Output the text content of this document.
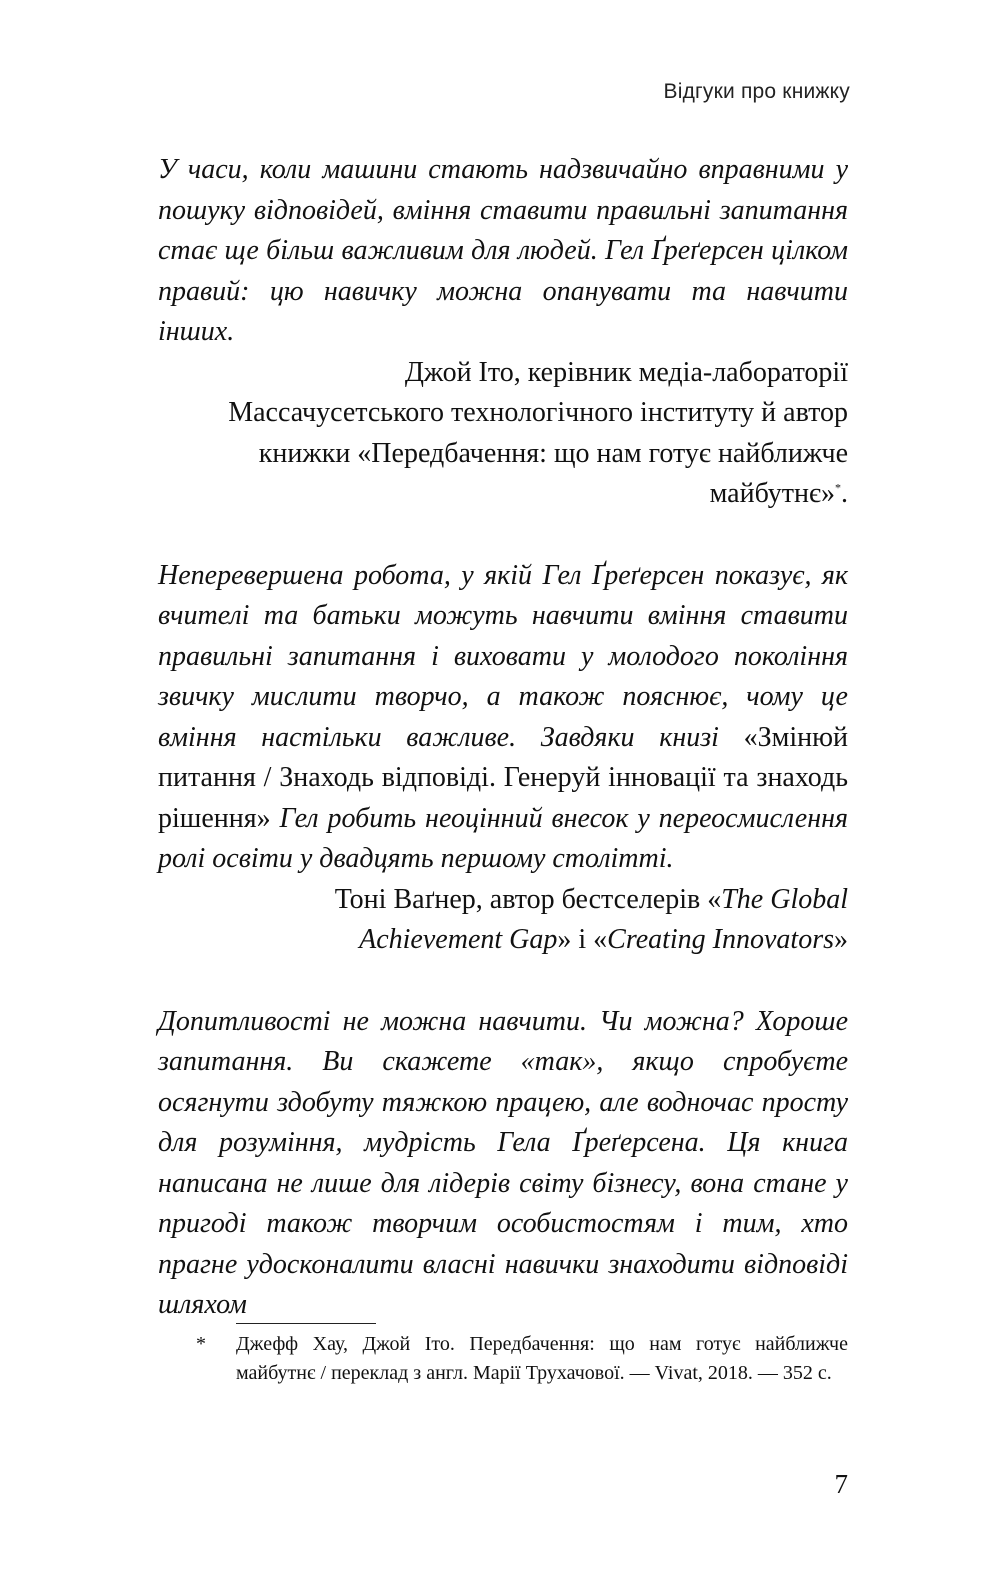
Відгуки про книжку

У часи, коли машини стають надзвичайно вправними у пошуку відповідей, вміння ставити правильні запитання стає ще більш важливим для людей. Гел Ґреґерсен цілком правий: цю навичку можна опанувати та навчити інших.

Джой Іто, керівник медіа-лабораторії
Массачусетського технологічного інституту й автор
книжки «Передбачення: що нам готує найближче
майбутнє»*.

Неперевершена робота, у якій Гел Ґреґерсен показує, як вчителі та батьки можуть навчити вміння ставити правильні запитання і виховати у молодого покоління звичку мислити творчо, а також пояснює, чому це вміння настільки важливе. Завдяки книзі «Змінюй питання / Знаходь відповіді. Генеруй інновації та знаходь рішення» Гел робить неоцінний внесок у переосмислення ролі освіти у двадцять першому столітті.

Тоні Ваґнер, автор бестселерів «The Global
Achievement Gap» і «Creating Innovators»

Допитливості не можна навчити. Чи можна? Хороше запитання. Ви скажете «так», якщо спробуєте осягнути здобуту тяжкою працею, але водночас просту для розуміння, мудрість Гела Ґреґерсена. Ця книга написана не лише для лідерів світу бізнесу, вона стане у пригоді також творчим особистостям і тим, хто прагне удосконалити власні навички знаходити відповіді шляхом

*	Джефф Хау, Джой Іто. Передбачення: що нам готує найближче майбутнє / переклад з англ. Марії Трухачової. — Vivat, 2018. — 352 с.
7
